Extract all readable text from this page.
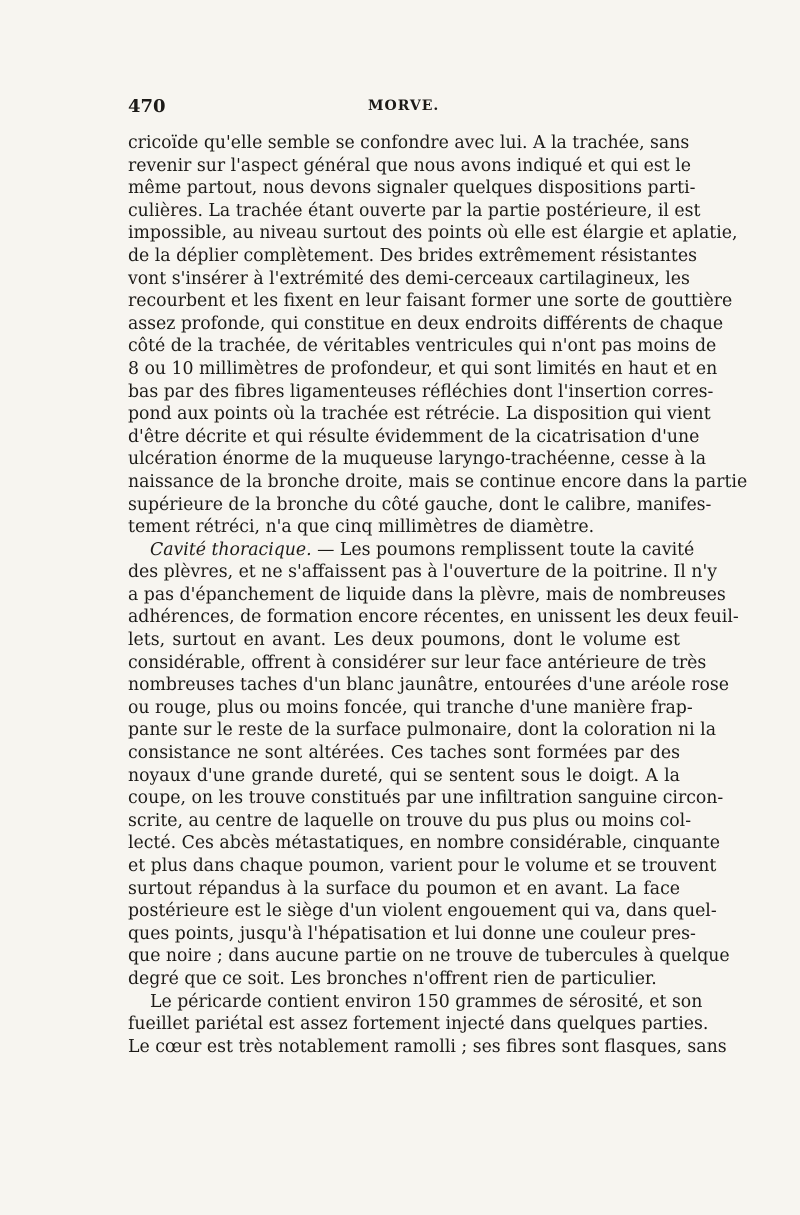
470	MORVE.
cricoïde qu'elle semble se confondre avec lui. A la trachée, sans
revenir sur l'aspect général que nous avons indiqué et qui est le
même partout, nous devons signaler quelques dispositions parti-
culières. La trachée étant ouverte par la partie postérieure, il est
impossible, au niveau surtout des points où elle est élargie et aplatie,
de la déplier complètement. Des brides extrêmement résistantes
vont s'insérer à l'extrémité des demi-cerceaux cartilagineux, les
recourbent et les fixent en leur faisant former une sorte de gouttière
assez profonde, qui constitue en deux endroits différents de chaque
côté de la trachée, de véritables ventricules qui n'ont pas moins de
8 ou 10 millimètres de profondeur, et qui sont limités en haut et en
bas par des fibres ligamenteuses réfléchies dont l'insertion corres-
pond aux points où la trachée est rétrécie. La disposition qui vient
d'être décrite et qui résulte évidemment de la cicatrisation d'une
ulcération énorme de la muqueuse laryngo-trachéenne, cesse à la
naissance de la bronche droite, mais se continue encore dans la partie
supérieure de la bronche du côté gauche, dont le calibre, manifes-
tement rétréci, n'a que cinq millimètres de diamètre.
Cavité thoracique. — Les poumons remplissent toute la cavité
des plèvres, et ne s'affaissent pas à l'ouverture de la poitrine. Il n'y
a pas d'épanchement de liquide dans la plèvre, mais de nombreuses
adhérences, de formation encore récentes, en unissent les deux feuil-
lets, surtout en avant. Les deux poumons, dont le volume est
considérable, offrent à considérer sur leur face antérieure de très
nombreuses taches d'un blanc jaunâtre, entourées d'une aréole rose
ou rouge, plus ou moins foncée, qui tranche d'une manière frap-
pante sur le reste de la surface pulmonaire, dont la coloration ni la
consistance ne sont altérées. Ces taches sont formées par des
noyaux d'une grande dureté, qui se sentent sous le doigt. A la
coupe, on les trouve constitués par une infiltration sanguine circon-
scrite, au centre de laquelle on trouve du pus plus ou moins col-
lecté. Ces abcès métastatiques, en nombre considérable, cinquante
et plus dans chaque poumon, varient pour le volume et se trouvent
surtout répandus à la surface du poumon et en avant. La face
postérieure est le siège d'un violent engouement qui va, dans quel-
ques points, jusqu'à l'hépatisation et lui donne une couleur pres-
que noire ; dans aucune partie on ne trouve de tubercules à quelque
degré que ce soit. Les bronches n'offrent rien de particulier.
Le péricarde contient environ 150 grammes de sérosité, et son
fueillet pariétal est assez fortement injecté dans quelques parties.
Le cœur est très notablement ramolli ; ses fibres sont flasques, sans
